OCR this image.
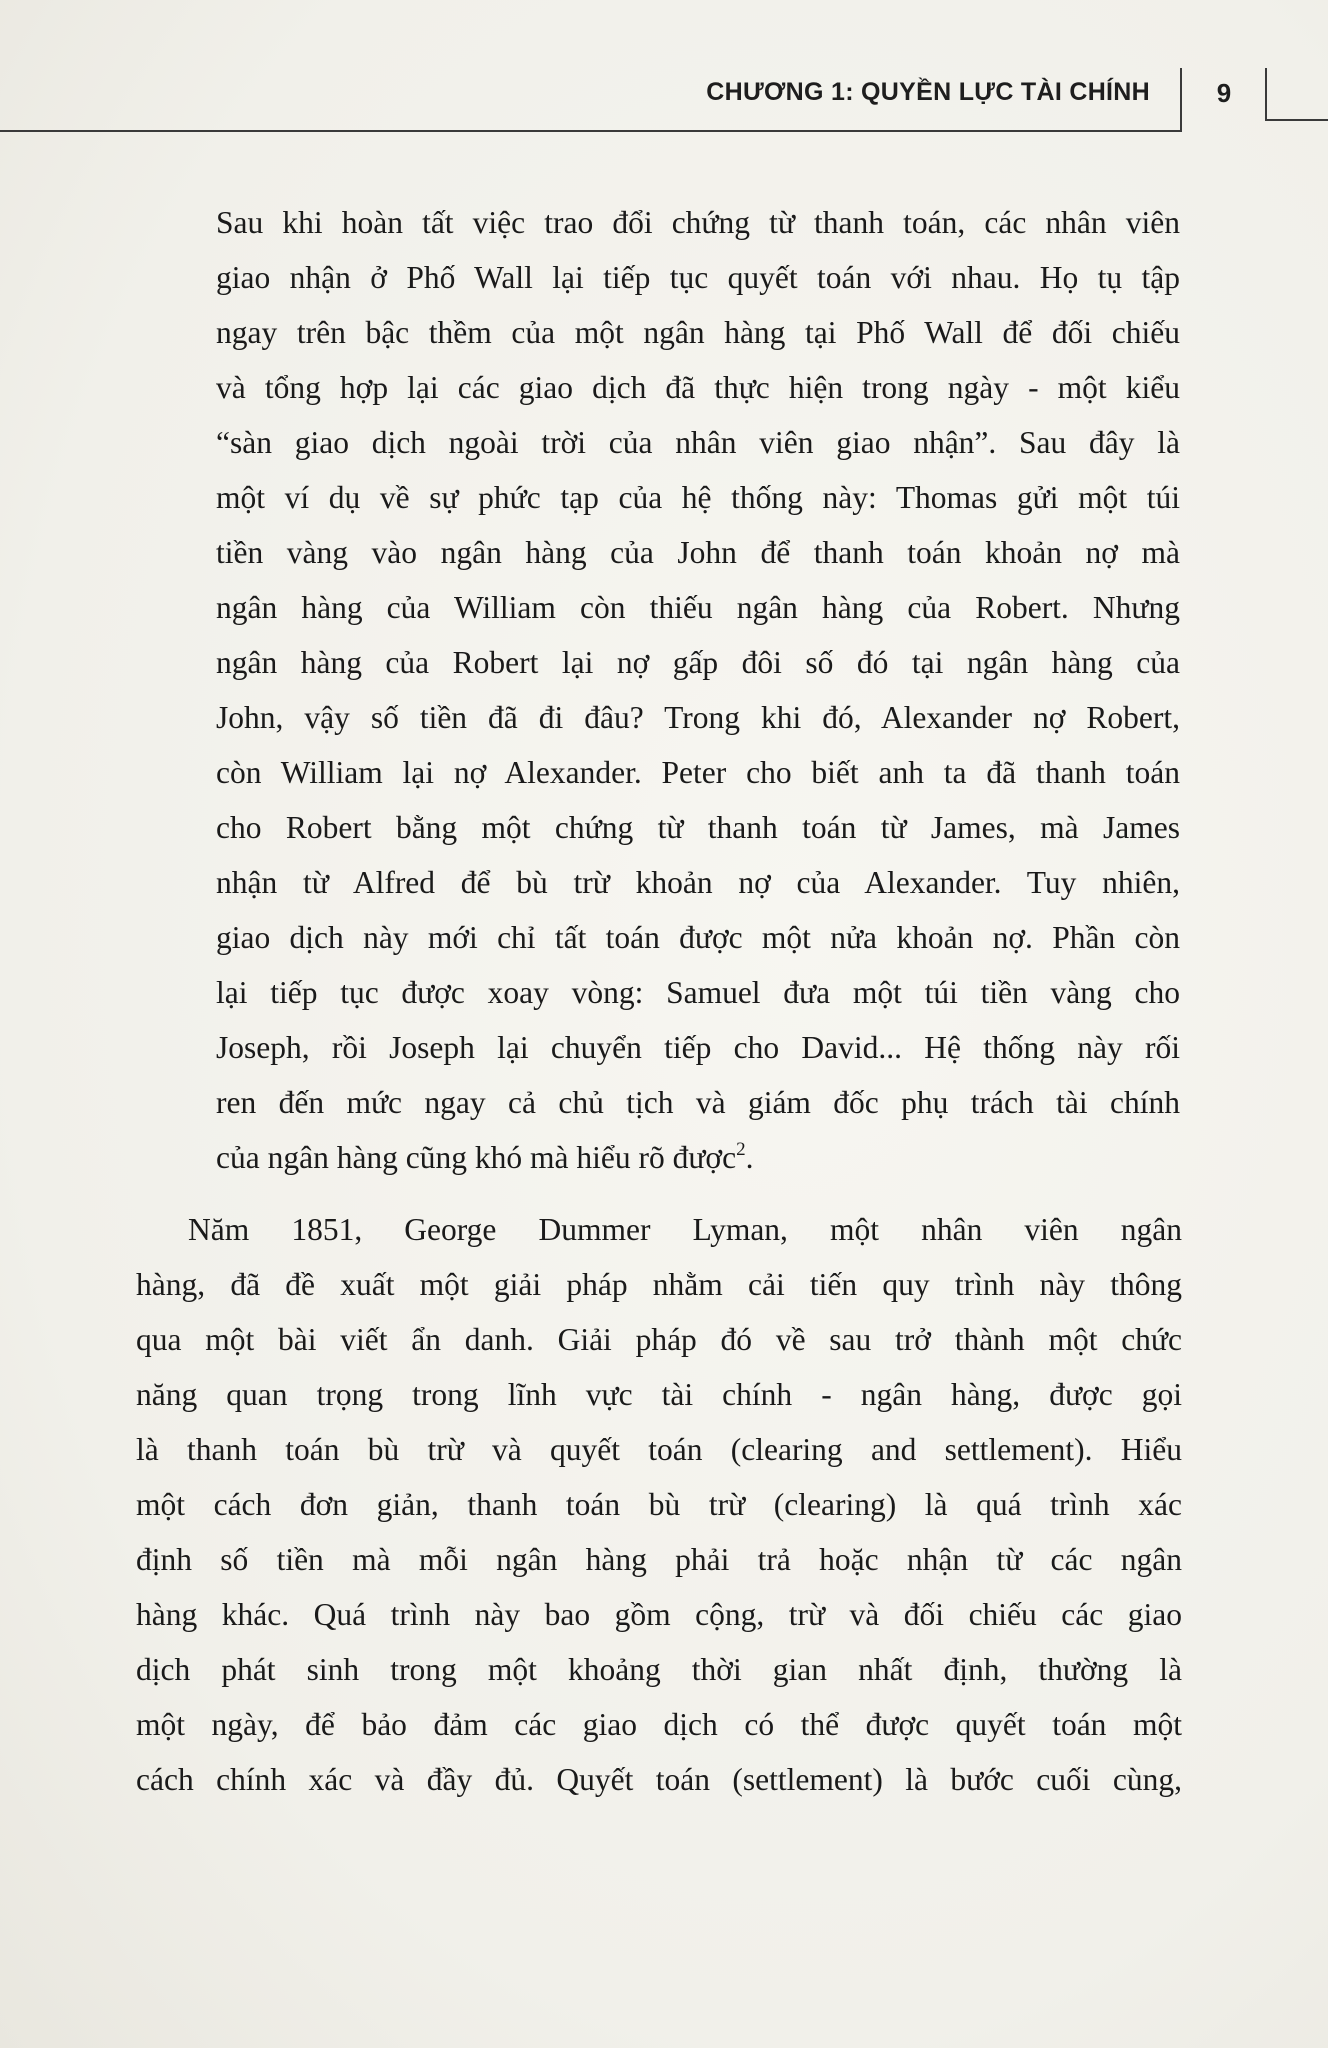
CHƯƠNG 1: QUYỀN LỰC TÀI CHÍNH	9
Sau khi hoàn tất việc trao đổi chứng từ thanh toán, các nhân viên
giao nhận ở Phố Wall lại tiếp tục quyết toán với nhau. Họ tụ tập
ngay trên bậc thềm của một ngân hàng tại Phố Wall để đối chiếu
và tổng hợp lại các giao dịch đã thực hiện trong ngày - một kiểu
“sàn giao dịch ngoài trời của nhân viên giao nhận”. Sau đây là
một ví dụ về sự phức tạp của hệ thống này: Thomas gửi một túi
tiền vàng vào ngân hàng của John để thanh toán khoản nợ mà
ngân hàng của William còn thiếu ngân hàng của Robert. Nhưng
ngân hàng của Robert lại nợ gấp đôi số đó tại ngân hàng của
John, vậy số tiền đã đi đâu? Trong khi đó, Alexander nợ Robert,
còn William lại nợ Alexander. Peter cho biết anh ta đã thanh toán
cho Robert bằng một chứng từ thanh toán từ James, mà James
nhận từ Alfred để bù trừ khoản nợ của Alexander. Tuy nhiên,
giao dịch này mới chỉ tất toán được một nửa khoản nợ. Phần còn
lại tiếp tục được xoay vòng: Samuel đưa một túi tiền vàng cho
Joseph, rồi Joseph lại chuyển tiếp cho David... Hệ thống này rối
ren đến mức ngay cả chủ tịch và giám đốc phụ trách tài chính
của ngân hàng cũng khó mà hiểu rõ được$^2$.
Năm 1851, George Dummer Lyman, một nhân viên ngân
hàng, đã đề xuất một giải pháp nhằm cải tiến quy trình này thông
qua một bài viết ẩn danh. Giải pháp đó về sau trở thành một chức
năng quan trọng trong lĩnh vực tài chính - ngân hàng, được gọi
là thanh toán bù trừ và quyết toán (clearing and settlement). Hiểu
một cách đơn giản, thanh toán bù trừ (clearing) là quá trình xác
định số tiền mà mỗi ngân hàng phải trả hoặc nhận từ các ngân
hàng khác. Quá trình này bao gồm cộng, trừ và đối chiếu các giao
dịch phát sinh trong một khoảng thời gian nhất định, thường là
một ngày, để bảo đảm các giao dịch có thể được quyết toán một
cách chính xác và đầy đủ. Quyết toán (settlement) là bước cuối cùng,
